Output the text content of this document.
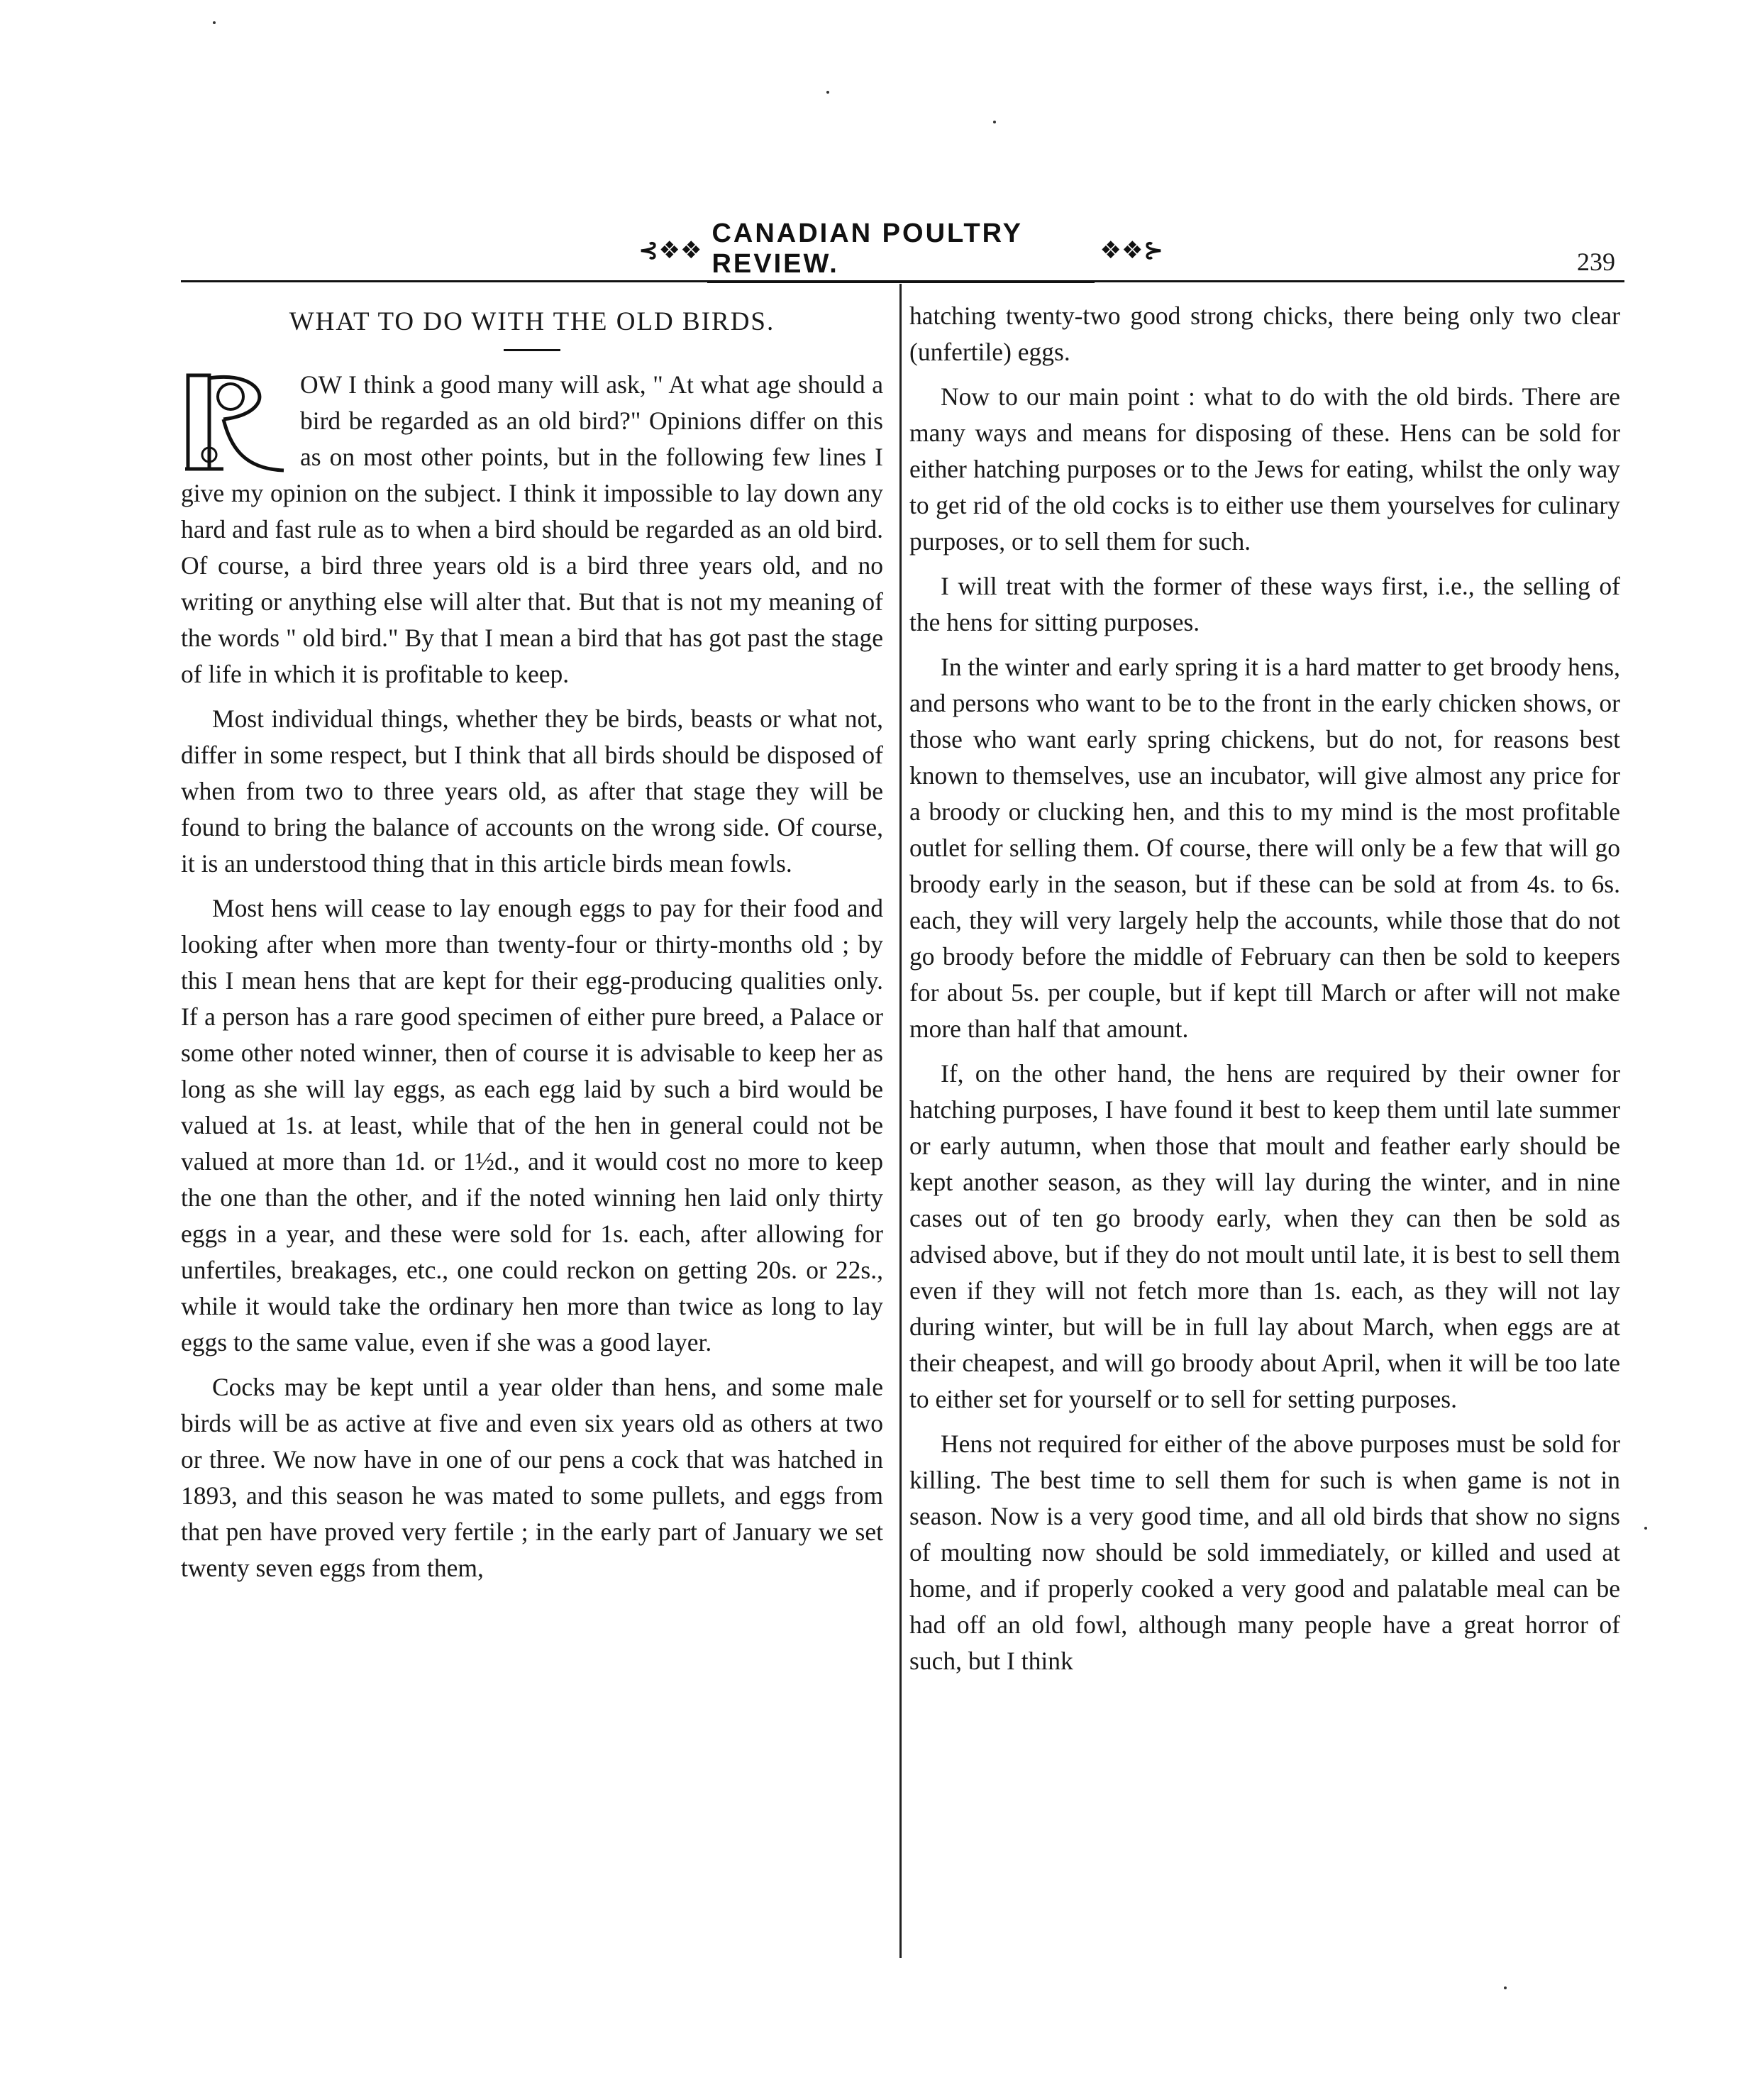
⊰❖❖
CANADIAN POULTRY REVIEW.	❖❖⊱	239
WHAT TO DO WITH THE OLD BIRDS.

OW I think a good many will ask, " At what age should a bird be regarded as an old bird?" Opinions differ on this as on most other points, but in the following few lines I give my opinion on the subject. I think it impossible to lay down any hard and fast rule as to when a bird should be regarded as an old bird. Of course, a bird three years old is a bird three years old, and no writing or anything else will alter that. But that is not my meaning of the words " old bird." By that I mean a bird that has got past the stage of life in which it is profitable to keep.

Most individual things, whether they be birds, beasts or what not, differ in some respect, but I think that all birds should be disposed of when from two to three years old, as after that stage they will be found to bring the balance of accounts on the wrong side. Of course, it is an understood thing that in this article birds mean fowls.

Most hens will cease to lay enough eggs to pay for their food and looking after when more than twenty-four or thirty-months old ; by this I mean hens that are kept for their egg-producing qualities only. If a person has a rare good specimen of either pure breed, a Palace or some other noted winner, then of course it is advisable to keep her as long as she will lay eggs, as each egg laid by such a bird would be valued at 1s. at least, while that of the hen in general could not be valued at more than 1d. or 1½d., and it would cost no more to keep the one than the other, and if the noted winning hen laid only thirty eggs in a year, and these were sold for 1s. each, after allowing for unfertiles, breakages, etc., one could reckon on getting 20s. or 22s., while it would take the ordinary hen more than twice as long to lay eggs to the same value, even if she was a good layer.

Cocks may be kept until a year older than hens, and some male birds will be as active at five and even six years old as others at two or three. We now have in one of our pens a cock that was hatched in 1893, and this season he was mated to some pullets, and eggs from that pen have proved very fertile ; in the early part of January we set twenty seven eggs from them,

hatching twenty-two good strong chicks, there being only two clear (unfertile) eggs.

Now to our main point : what to do with the old birds. There are many ways and means for disposing of these. Hens can be sold for either hatching purposes or to the Jews for eating, whilst the only way to get rid of the old cocks is to either use them yourselves for culinary purposes, or to sell them for such.

I will treat with the former of these ways first, i.e., the selling of the hens for sitting purposes.

In the winter and early spring it is a hard matter to get broody hens, and persons who want to be to the front in the early chicken shows, or those who want early spring chickens, but do not, for reasons best known to themselves, use an incubator, will give almost any price for a broody or clucking hen, and this to my mind is the most profitable outlet for selling them. Of course, there will only be a few that will go broody early in the season, but if these can be sold at from 4s. to 6s. each, they will very largely help the accounts, while those that do not go broody before the middle of February can then be sold to keepers for about 5s. per couple, but if kept till March or after will not make more than half that amount.

If, on the other hand, the hens are required by their owner for hatching purposes, I have found it best to keep them until late summer or early autumn, when those that moult and feather early should be kept another season, as they will lay during the winter, and in nine cases out of ten go broody early, when they can then be sold as advised above, but if they do not moult until late, it is best to sell them even if they will not fetch more than 1s. each, as they will not lay during winter, but will be in full lay about March, when eggs are at their cheapest, and will go broody about April, when it will be too late to either set for yourself or to sell for setting purposes.

Hens not required for either of the above purposes must be sold for killing. The best time to sell them for such is when game is not in season. Now is a very good time, and all old birds that show no signs of moulting now should be sold immediately, or killed and used at home, and if properly cooked a very good and palatable meal can be had off an old fowl, although many people have a great horror of such, but I think
